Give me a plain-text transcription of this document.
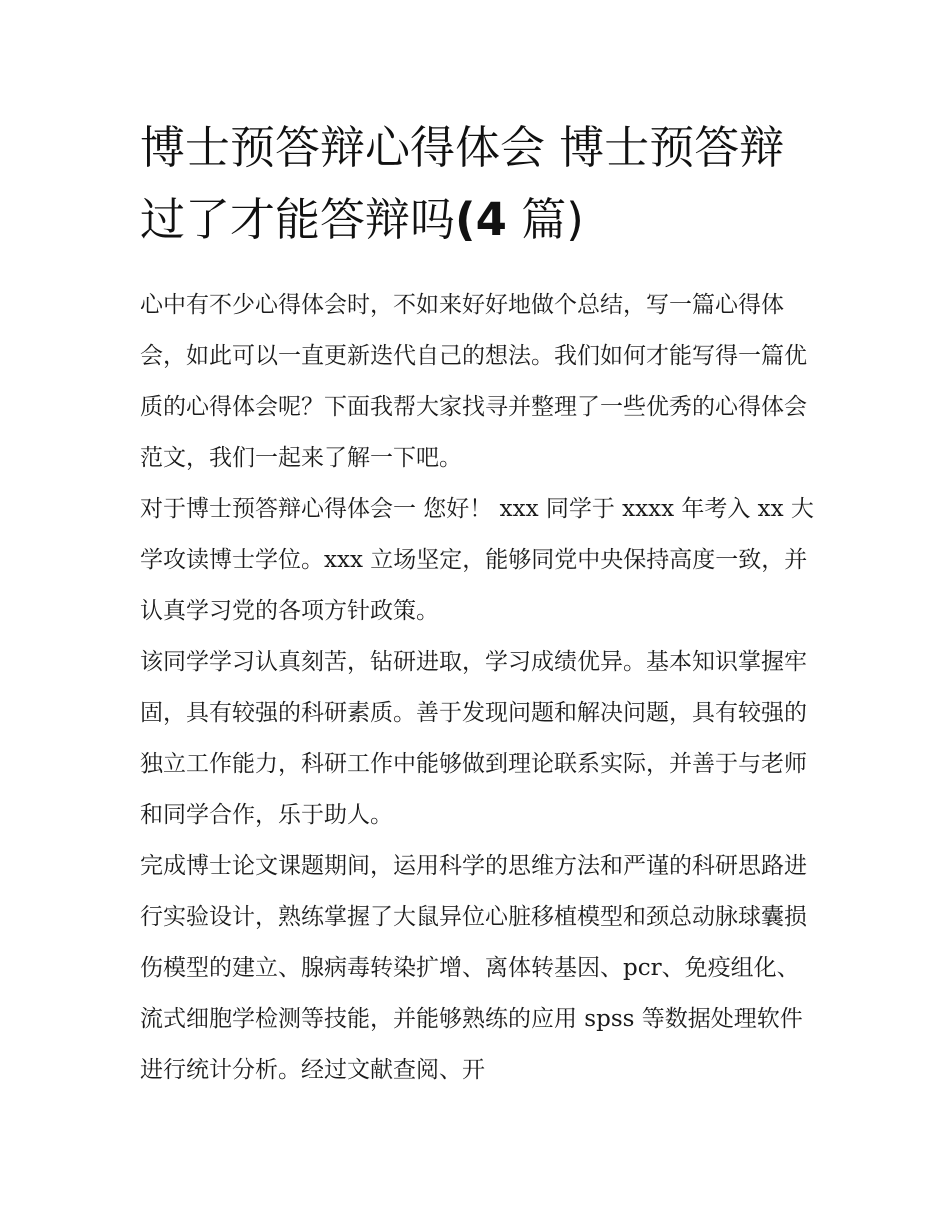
博士预答辩心得体会 博士预答辩过了才能答辩吗(4 篇)

心中有不少心得体会时，不如来好好地做个总结，写一篇心得体会，如此可以一直更新迭代自己的想法。我们如何才能写得一篇优质的心得体会呢？下面我帮大家找寻并整理了一些优秀的心得体会范文，我们一起来了解一下吧。

对于博士预答辩心得体会一 您好！ xxx 同学于 xxxx 年考入 xx 大学攻读博士学位。xxx 立场坚定，能够同党中央保持高度一致，并认真学习党的各项方针政策。

该同学学习认真刻苦，钻研进取，学习成绩优异。基本知识掌握牢固，具有较强的科研素质。善于发现问题和解决问题，具有较强的独立工作能力，科研工作中能够做到理论联系实际，并善于与老师和同学合作，乐于助人。

完成博士论文课题期间，运用科学的思维方法和严谨的科研思路进行实验设计，熟练掌握了大鼠异位心脏移植模型和颈总动脉球囊损伤模型的建立、腺病毒转染扩增、离体转基因、pcr、免疫组化、流式细胞学检测等技能，并能够熟练的应用 spss 等数据处理软件进行统计分析。经过文献查阅、开
